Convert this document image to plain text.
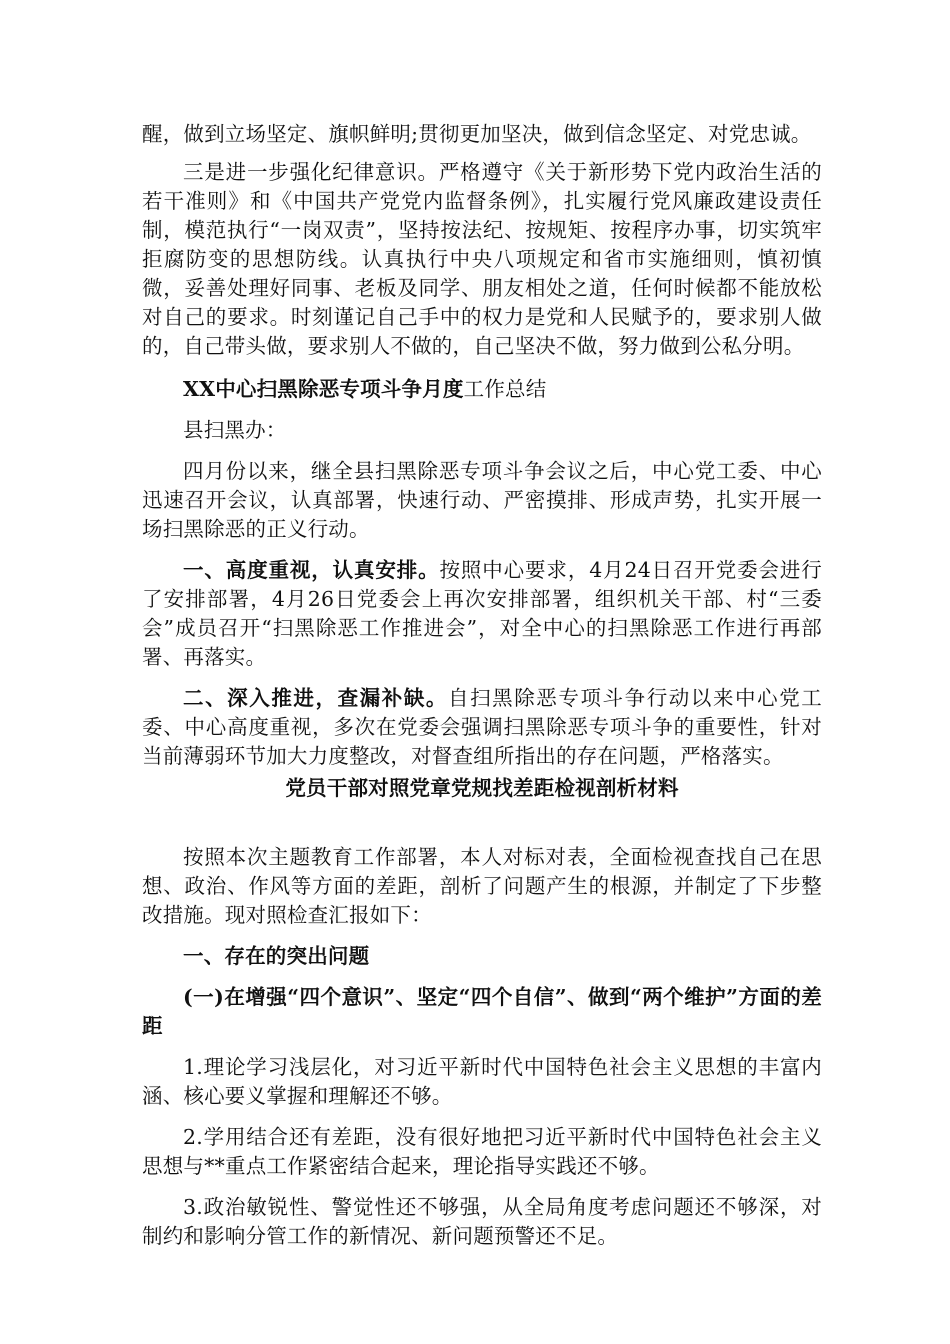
醒，做到立场坚定、旗帜鲜明;贯彻更加坚决，做到信念坚定、对党忠诚。

三是进一步强化纪律意识。严格遵守《关于新形势下党内政治生活的若干准则》和《中国共产党党内监督条例》，扎实履行党风廉政建设责任制，模范执行“一岗双责”，坚持按法纪、按规矩、按程序办事，切实筑牢拒腐防变的思想防线。认真执行中央八项规定和省市实施细则，慎初慎微，妥善处理好同事、老板及同学、朋友相处之道，任何时候都不能放松对自己的要求。时刻谨记自己手中的权力是党和人民赋予的，要求别人做的，自己带头做，要求别人不做的，自己坚决不做，努力做到公私分明。

XX中心扫黑除恶专项斗争月度工作总结

县扫黑办：

四月份以来，继全县扫黑除恶专项斗争会议之后，中心党工委、中心迅速召开会议，认真部署，快速行动、严密摸排、形成声势，扎实开展一场扫黑除恶的正义行动。

一、高度重视，认真安排。按照中心要求，4月24日召开党委会进行了安排部署，4月26日党委会上再次安排部署，组织机关干部、村“三委会”成员召开“扫黑除恶工作推进会”，对全中心的扫黑除恶工作进行再部署、再落实。

二、深入推进，查漏补缺。自扫黑除恶专项斗争行动以来中心党工委、中心高度重视，多次在党委会强调扫黑除恶专项斗争的重要性，针对当前薄弱环节加大力度整改，对督查组所指出的存在问题，严格落实。

党员干部对照党章党规找差距检视剖析材料

按照本次主题教育工作部署，本人对标对表，全面检视查找自己在思想、政治、作风等方面的差距，剖析了问题产生的根源，并制定了下步整改措施。现对照检查汇报如下：

一、存在的突出问题

(一)在增强“四个意识”、坚定“四个自信”、做到“两个维护”方面的差距

1.理论学习浅层化，对习近平新时代中国特色社会主义思想的丰富内涵、核心要义掌握和理解还不够。

2.学用结合还有差距，没有很好地把习近平新时代中国特色社会主义思想与**重点工作紧密结合起来，理论指导实践还不够。

3.政治敏锐性、警觉性还不够强，从全局角度考虑问题还不够深，对制约和影响分管工作的新情况、新问题预警还不足。
